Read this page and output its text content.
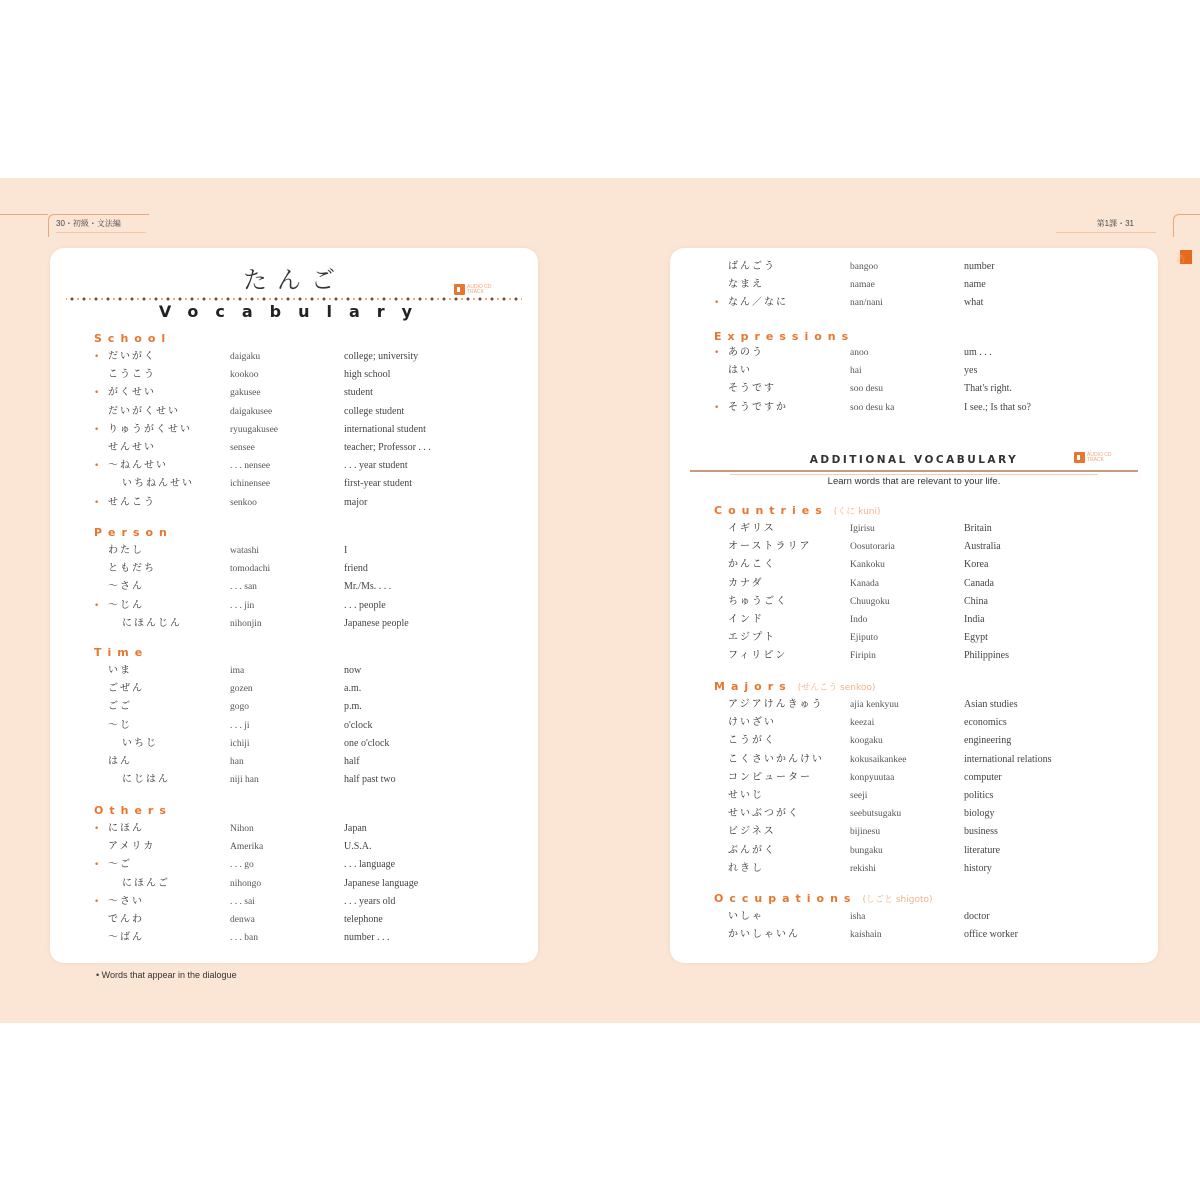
30・初級・文法編	第1課・31
☃
たんご	AUDIO CD TRACK
Vocabulary
School
• だいがく	daigaku	college; university
こうこう	kookoo	high school
• がくせい	gakusee	student
だいがくせい	daigakusee	college student
• りゅうがくせい	ryuugakusee	international student
せんせい	sensee	teacher; Professor . . .
• 〜ねんせい	. . . nensee	. . . year student
いちねんせい	ichinensee	first-year student
• せんこう	senkoo	major
Person
わたし	watashi	I
ともだち	tomodachi	friend
〜さん	. . . san	Mr./Ms. . . .
• 〜じん	. . . jin	. . . people
にほんじん	nihonjin	Japanese people
Time
いま	ima	now
ごぜん	gozen	a.m.
ごご	gogo	p.m.
〜じ	. . . ji	o'clock
いちじ	ichiji	one o'clock
はん	han	half
にじはん	niji han	half past two
Others
• にほん	Nihon	Japan
アメリカ	Amerika	U.S.A.
• 〜ご	. . . go	. . . language
にほんご	nihongo	Japanese language
• 〜さい	. . . sai	. . . years old
でんわ	denwa	telephone
〜ばん	. . . ban	number . . .
• Words that appear in the dialogue
ばんごう	bangoo	number
なまえ	namae	name
• なん／なに	nan/nani	what
Expressions
• あのう	anoo	um . . .
はい	hai	yes
そうです	soo desu	That's right.
• そうですか	soo desu ka	I see.; Is that so?
ADDITIONAL VOCABULARY	AUDIO CD TRACK
Learn words that are relevant to your life.
Countries (くに kuni)
イギリス	Igirisu	Britain
オーストラリア	Oosutoraria	Australia
かんこく	Kankoku	Korea
カナダ	Kanada	Canada
ちゅうごく	Chuugoku	China
インド	Indo	India
エジプト	Ejiputo	Egypt
フィリピン	Firipin	Philippines
Majors (せんこう senkoo)
アジアけんきゅう	ajia kenkyuu	Asian studies
けいざい	keezai	economics
こうがく	koogaku	engineering
こくさいかんけい	kokusaikankee	international relations
コンピューター	konpyuutaa	computer
せいじ	seeji	politics
せいぶつがく	seebutsugaku	biology
ビジネス	bijinesu	business
ぶんがく	bungaku	literature
れきし	rekishi	history
Occupations (しごと shigoto)
いしゃ	isha	doctor
かいしゃいん	kaishain	office worker
